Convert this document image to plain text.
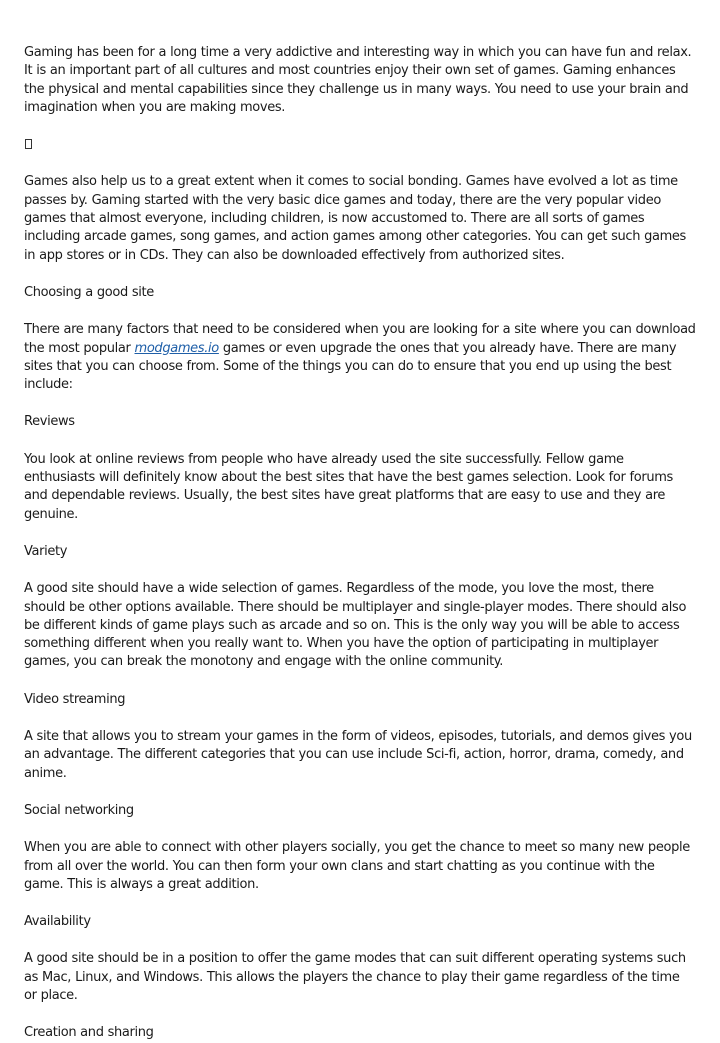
Gaming has been for a long time a very addictive and interesting way in which you can have fun and relax. It is an important part of all cultures and most countries enjoy their own set of games. Gaming enhances the physical and mental capabilities since they challenge us in many ways. You need to use your brain and imagination when you are making moves.

Games also help us to a great extent when it comes to social bonding. Games have evolved a lot as time passes by. Gaming started with the very basic dice games and today, there are the very popular video games that almost everyone, including children, is now accustomed to. There are all sorts of games including arcade games, song games, and action games among other categories. You can get such games in app stores or in CDs. They can also be downloaded effectively from authorized sites.

Choosing a good site

There are many factors that need to be considered when you are looking for a site where you can download the most popular modgames.io games or even upgrade the ones that you already have. There are many sites that you can choose from. Some of the things you can do to ensure that you end up using the best include:

Reviews

You look at online reviews from people who have already used the site successfully. Fellow game enthusiasts will definitely know about the best sites that have the best games selection. Look for forums and dependable reviews. Usually, the best sites have great platforms that are easy to use and they are genuine.

Variety

A good site should have a wide selection of games. Regardless of the mode, you love the most, there should be other options available. There should be multiplayer and single-player modes. There should also be different kinds of game plays such as arcade and so on. This is the only way you will be able to access something different when you really want to. When you have the option of participating in multiplayer games, you can break the monotony and engage with the online community.

Video streaming

A site that allows you to stream your games in the form of videos, episodes, tutorials, and demos gives you an advantage. The different categories that you can use include Sci-fi, action, horror, drama, comedy, and anime.

Social networking

When you are able to connect with other players socially, you get the chance to meet so many new people from all over the world. You can then form your own clans and start chatting as you continue with the game. This is always a great addition.

Availability

A good site should be in a position to offer the game modes that can suit different operating systems such as Mac, Linux, and Windows. This allows the players the chance to play their game regardless of the time or place.

Creation and sharing
